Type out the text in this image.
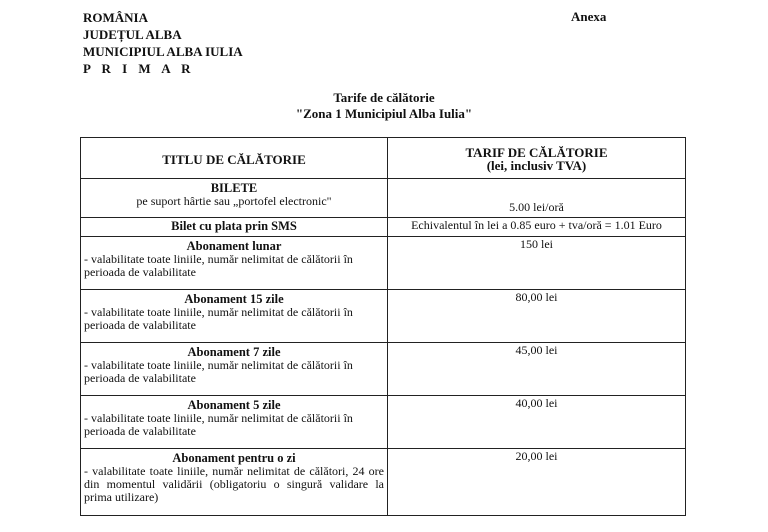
ROMÂNIA
JUDEȚUL ALBA
MUNICIPIUL ALBA IULIA
P R I M A R
Anexa
Tarife de călătorie
"Zona 1 Municipiul Alba Iulia"
TITLU DE CĂLĂTORIE	TARIF DE CĂLĂTORIE
(lei, inclusiv TVA)

BILETE
pe suport hârtie sau „portofel electronic"	5.00 lei/oră

Bilet cu plata prin SMS	Echivalentul în lei a 0.85 euro + tva/oră = 1.01 Euro

Abonament lunar
- valabilitate toate liniile, număr nelimitat de călătorii în perioada de valabilitate	150 lei

Abonament 15 zile
- valabilitate toate liniile, număr nelimitat de călătorii în perioada de valabilitate	80,00 lei

Abonament 7 zile
- valabilitate toate liniile, număr nelimitat de călătorii în perioada de valabilitate	45,00 lei

Abonament 5 zile
- valabilitate toate liniile, număr nelimitat de călătorii în perioada de valabilitate	40,00 lei

Abonament pentru o zi
- valabilitate toate liniile, număr nelimitat de călători, 24 ore din momentul validării (obligatoriu o singură validare la prima utilizare)	20,00 lei
